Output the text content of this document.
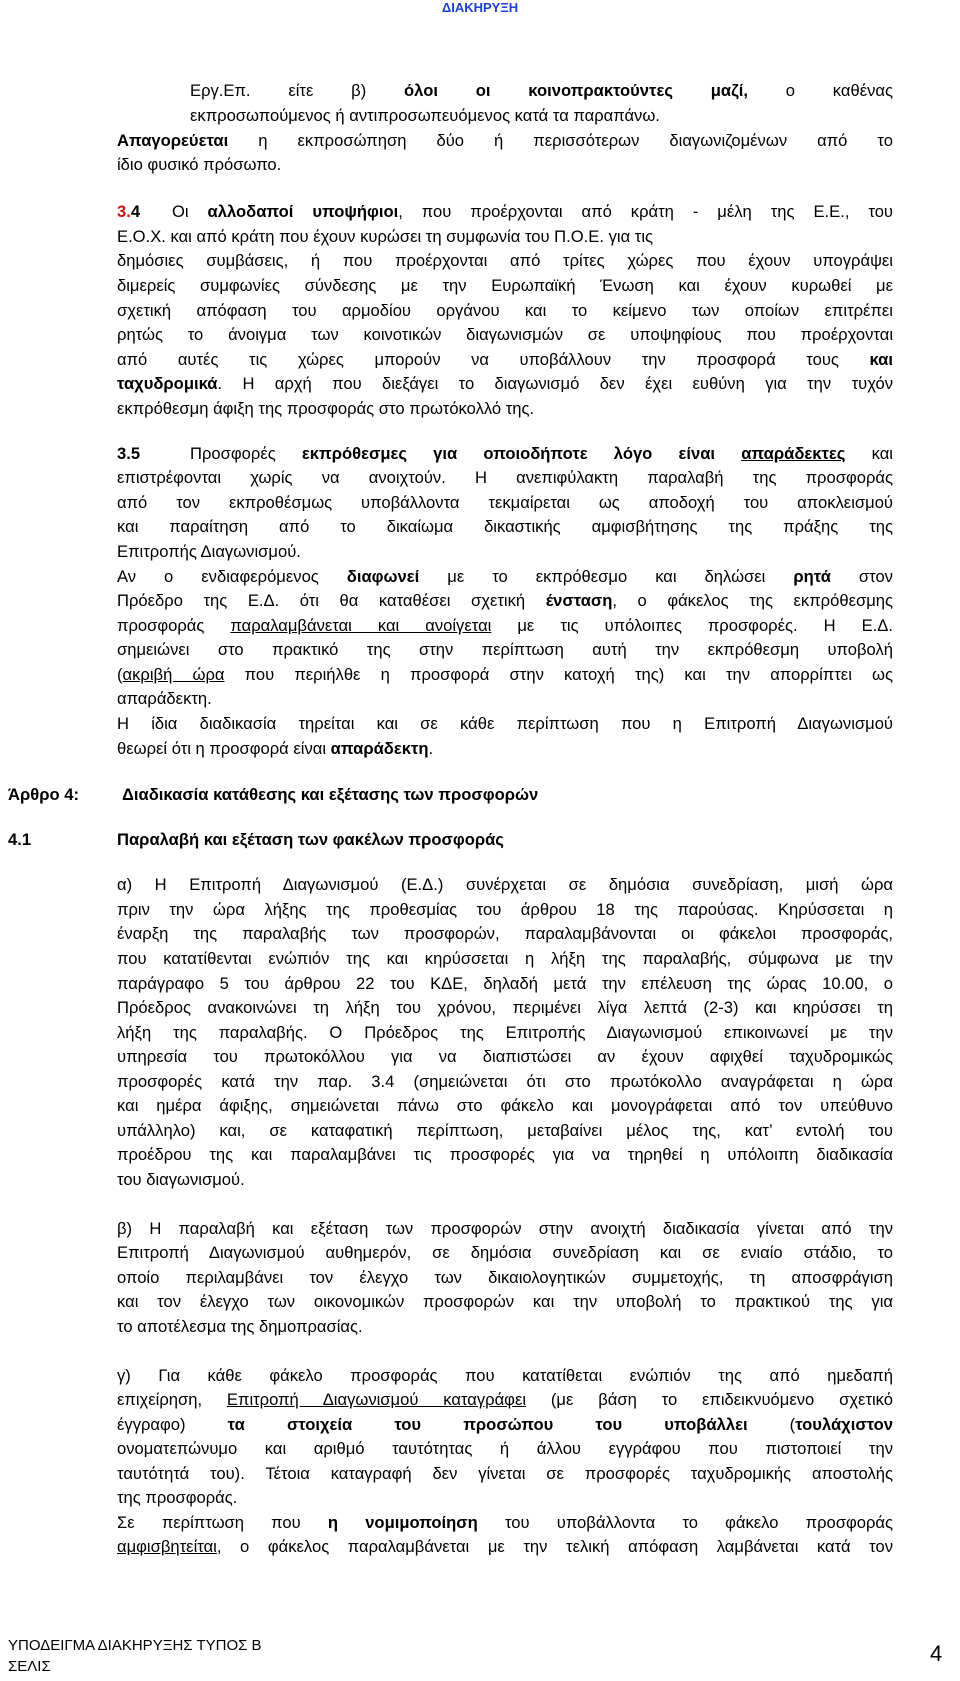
ΔΙΑΚΗΡΥΞΗ
Εργ.Επ. είτε β) όλοι οι κοινοπρακτούντες μαζί, ο καθένας
εκπροσωπούμενος ή αντιπροσωπευόμενος κατά τα παραπάνω.
Απαγορεύεται η εκπροσώπηση δύο ή περισσότερων διαγωνιζομένων από το
ίδιο φυσικό πρόσωπο.
3.4 Οι αλλοδαποί υποψήφιοι, που προέρχονται από κράτη - μέλη της Ε.Ε., του
Ε.Ο.Χ. και από κράτη που έχουν κυρώσει τη συμφωνία του Π.Ο.Ε. για τις
δημόσιες συμβάσεις, ή που προέρχονται από τρίτες χώρες που έχουν υπογράψει
διμερείς συμφωνίες σύνδεσης με την Ευρωπαϊκή Ένωση και έχουν κυρωθεί με
σχετική απόφαση του αρμοδίου οργάνου και το κείμενο των οποίων επιτρέπει
ρητώς το άνοιγμα των κοινοτικών διαγωνισμών σε υποψηφίους που προέρχονται
από αυτές τις χώρες μπορούν να υποβάλλουν την προσφορά τους και
ταχυδρομικά. Η αρχή που διεξάγει το διαγωνισμό δεν έχει ευθύνη για την τυχόν
εκπρόθεσμη άφιξη της προσφοράς στο πρωτόκολλό της.
3.5	Προσφορές εκπρόθεσμες για οποιοδήποτε λόγο είναι απαράδεκτες και
επιστρέφονται χωρίς να ανοιχτούν. Η ανεπιφύλακτη παραλαβή της προσφοράς
από τον εκπροθέσμως υποβάλλοντα τεκμαίρεται ως αποδοχή του αποκλεισμού
και παραίτηση από το δικαίωμα δικαστικής αμφισβήτησης της πράξης της
Επιτροπής Διαγωνισμού.
Αν ο ενδιαφερόμενος διαφωνεί με το εκπρόθεσμο και δηλώσει ρητά στον
Πρόεδρο της Ε.Δ. ότι θα καταθέσει σχετική ένσταση, ο φάκελος της εκπρόθεσμης
προσφοράς παραλαμβάνεται και ανοίγεται με τις υπόλοιπες προσφορές. Η Ε.Δ.
σημειώνει στο πρακτικό της στην περίπτωση αυτή την εκπρόθεσμη υποβολή
(ακριβή ώρα που περιήλθε η προσφορά στην κατοχή της) και την απορρίπτει ως
απαράδεκτη.
Η ίδια διαδικασία τηρείται και σε κάθε περίπτωση που η Επιτροπή Διαγωνισμού
θεωρεί ότι η προσφορά είναι απαράδεκτη.
Άρθρο 4:	Διαδικασία κατάθεσης και εξέτασης των προσφορών
4.1	Παραλαβή και εξέταση των φακέλων προσφοράς
α) Η Επιτροπή Διαγωνισμού (Ε.Δ.) συνέρχεται σε δημόσια συνεδρίαση, μισή ώρα
πριν την ώρα λήξης της προθεσμίας του άρθρου 18 της παρούσας. Κηρύσσεται η
έναρξη της παραλαβής των προσφορών, παραλαμβάνονται οι φάκελοι προσφοράς,
που κατατίθενται ενώπιόν της και κηρύσσεται η λήξη της παραλαβής, σύμφωνα με την
παράγραφο 5 του άρθρου 22 του ΚΔΕ, δηλαδή μετά την επέλευση της ώρας 10.00, ο
Πρόεδρος ανακοινώνει τη λήξη του χρόνου, περιμένει λίγα λεπτά (2-3) και κηρύσσει τη
λήξη της παραλαβής. Ο Πρόεδρος της Επιτροπής Διαγωνισμού επικοινωνεί με την
υπηρεσία του πρωτοκόλλου για να διαπιστώσει αν έχουν αφιχθεί ταχυδρομικώς
προσφορές κατά την παρ. 3.4 (σημειώνεται ότι στο πρωτόκολλο αναγράφεται η ώρα
και ημέρα άφιξης, σημειώνεται πάνω στο φάκελο και μονογράφεται από τον υπεύθυνο
υπάλληλο) και, σε καταφατική περίπτωση, μεταβαίνει μέλος της, κατ’ εντολή του
προέδρου της και παραλαμβάνει τις προσφορές για να τηρηθεί η υπόλοιπη διαδικασία
του διαγωνισμού.
β) Η παραλαβή και εξέταση των προσφορών στην ανοιχτή διαδικασία γίνεται από την
Επιτροπή Διαγωνισμού αυθημερόν, σε δημόσια συνεδρίαση και σε ενιαίο στάδιο, το
οποίο περιλαμβάνει τον έλεγχο των δικαιολογητικών συμμετοχής, τη αποσφράγιση
και τον έλεγχο των οικονομικών προσφορών και την υποβολή το πρακτικού της για
το αποτέλεσμα της δημοπρασίας.
γ) Για κάθε φάκελο προσφοράς που κατατίθεται ενώπιόν της από ημεδαπή
επιχείρηση, Επιτροπή Διαγωνισμού καταγράφει (με βάση το επιδεικνυόμενο σχετικό
έγγραφο) τα στοιχεία του προσώπου του υποβάλλει (τουλάχιστον
ονοματεπώνυμο και αριθμό ταυτότητας ή άλλου εγγράφου που πιστοποιεί την
ταυτότητά του). Τέτοια καταγραφή δεν γίνεται σε προσφορές ταχυδρομικής αποστολής
της προσφοράς.
Σε περίπτωση που η νομιμοποίηση του υποβάλλοντα το φάκελο προσφοράς
αμφισβητείται, ο φάκελος παραλαμβάνεται με την τελική απόφαση λαμβάνεται κατά τον
ΥΠΟΔΕΙΓΜΑ ΔΙΑΚΗΡΥΞΗΣ ΤΥΠΟΣ Β
ΣΕΛΙΣ
4
